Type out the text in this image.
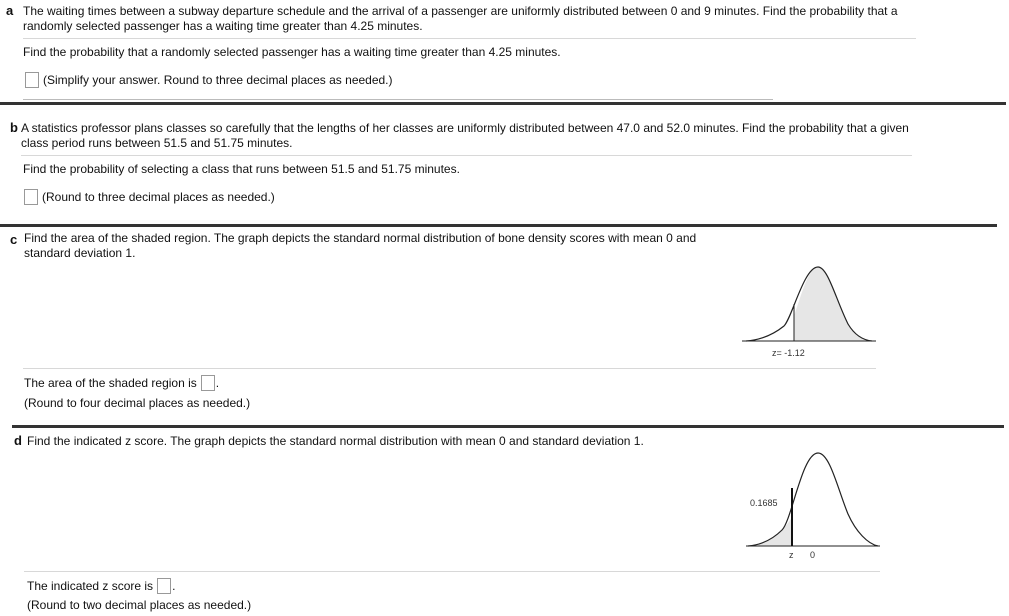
a The waiting times between a subway departure schedule and the arrival of a passenger are uniformly distributed between 0 and 9 minutes. Find the probability that a
randomly selected passenger has a waiting time greater than 4.25 minutes.
Find the probability that a randomly selected passenger has a waiting time greater than 4.25 minutes.
(Simplify your answer. Round to three decimal places as needed.)
b A statistics professor plans classes so carefully that the lengths of her classes are uniformly distributed between 47.0 and 52.0 minutes. Find the probability that a given
class period runs between 51.5 and 51.75 minutes.
Find the probability of selecting a class that runs between 51.5 and 51.75 minutes.
(Round to three decimal places as needed.)
c Find the area of the shaded region. The graph depicts the standard normal distribution of bone density scores with mean 0 and
standard deviation 1.
z= -1.12
The area of the shaded region is .
(Round to four decimal places as needed.)
d Find the indicated z score. The graph depicts the standard normal distribution with mean 0 and standard deviation 1.
0.1685
z 0
The indicated z score is .
(Round to two decimal places as needed.)
